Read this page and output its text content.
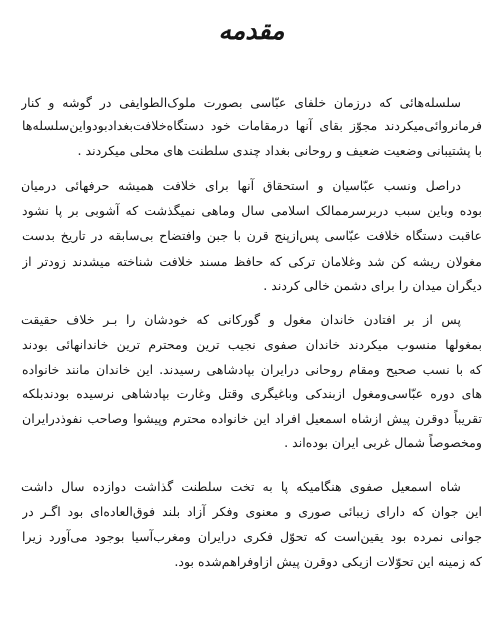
مقدمه
سلسله‌هائی که درزمان خلفای عبّاسی بصورت ملوک‌الطوایفی در گوشه و کنار
فرمانروائی‌میکردند مجوّز بقای آنها درمقامات خود دستگاه‌خلافت‌بغدادبودواین‌سلسله‌ها
با پشتیبانی وضعیت ضعیف و روحانی بغداد چندی سلطنت های محلی میکردند .
دراصل ونسب عبّاسیان و استحقاق آنها برای خلافت همیشه حرفهائی درمیان
بوده وباین سبب دربرسرممالک اسلامی سال وماهی نمیگذشت که آشوبی بر پا نشود
عاقبت دستگاه خلافت عبّاسی پس‌ازپنج قرن با جبن وافتضاح بی‌سابقه در تاریخ بدست
مغولان ریشه کن شد وغلامان ترکی که حافظ مسند خلافت شناخته میشدند زودتر از
دیگران میدان را برای دشمن خالی کردند .
پس از بر افتادن خاندان مغول و گورکانی که خودشان را بـر خلاف حقیقت
بمغولها منسوب میکردند خاندان صفوی نجیب ترین ومحترم ترین خاندانهائی بودند
که با نسب صحیح ومقام روحانی درایران بپادشاهی رسیدند. این خاندان مانند خانواده
های دوره عبّاسی‌ومغول ازبندکی وباغیگری وقتل وغارت بپادشاهی نرسیده بودندبلکه
تقریباً دوقرن پیش ازشاه اسمعیل افراد این خانواده محترم وپیشوا وصاحب نفوذدرایران
ومخصوصاً شمال غربی ایران بوده‌اند .
شاه اسمعیل صفوی هنگامیکه پا به تخت سلطنت گذاشت دوازده سال داشت
این جوان که دارای زیبائی صوری و معنوی وفکر آزاد بلند فوق‌العاده‌ای بود اگـر در
جوانی نمرده بود یقین‌است که تحوّل فکری درایران ومغرب‌آسیا بوجود می‌آورد زیرا
که زمینه این تحوّلات ازیکی دوقرن پیش ازاوفراهم‌شده بود.
